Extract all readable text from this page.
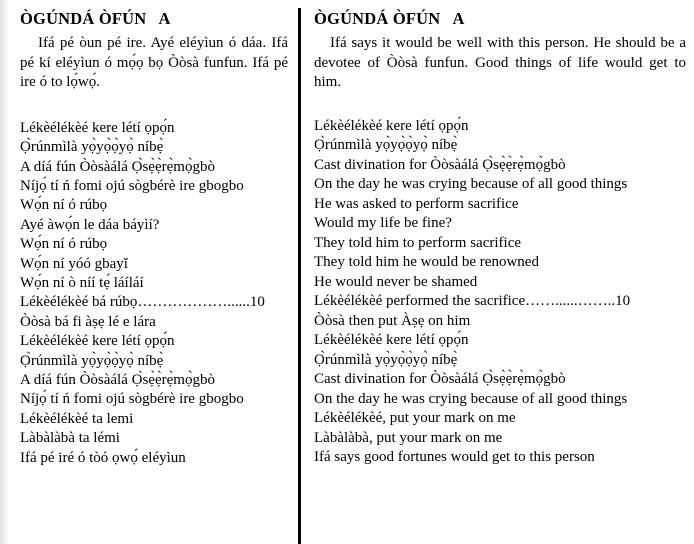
ÒGÚNDÁ ÒFÚN   A

Ifá pé òun pé ire. Ayé eléyìun ó dáa. Ifá pé kí eléyìun ó mọ́ọ bọ Òòsà funfun. Ifá pé ire ó to lọ́wọ́.

Lékèélékèé kere létí ọpọ́n
Ọ̀rúnmìlà yọ̀yọ̀ọ̀yọ̀ níbẹ̀
A díá fún Òòsàálá Ọ̀sẹ̀ẹ̀rẹ̀mọ̀gbò
Níjọ́ tí ń fomi ojú sògbérè ire gbogbo
Wọ́n ní ó rúbọ
Ayé àwọ́n le dáa báyìí?
Wọ́n ní ó rúbọ
Wọ́n ní yóó gbayǐ
Wọ́n ní ò níí tẹ́ láíláí
Lékèélékèé bá rúbọ………………......10
Òòsà bá fi àṣẹ lé e lára
Lékèélékèé kere létí ọpọ́n
Ọ̀rúnmìlà yọ̀yọ̀ọ̀yọ̀ níbẹ̀
A díá fún Òòsàálá Ọ̀sẹ̀ẹ̀rẹ̀mọ̀gbò
Níjọ́ tí ń fomi ojú sògbérè ire gbogbo
Lékèélékèé ta lemi
Làbàlàbà ta lémi
Ifá pé iré ó tòó ọwọ́ eléyìun
ÒGÚNDÁ ÒFÚN   A

Ifá says it would be well with this person. He should be a devotee of Òòsà funfun. Good things of life would get to him.

Lékèélékèé kere létí ọpọ́n
Ọ̀rúnmìlà yọ̀yọ̀ọ̀yọ̀ níbẹ̀
Cast divination for Òòsàálá Ọ̀sẹ̀ẹ̀rẹ̀mọ̀gbò
On the day he was crying because of all good things
He was asked to perform sacrifice
Would my life be fine?
They told him to perform sacrifice
They told him he would be renowned
He would never be shamed
Lékèélékèé performed the sacrifice……......……..10
Òòsà then put Àṣẹ on him
Lékèélékèé kere létí ọpọ́n
Ọ̀rúnmìlà yọ̀yọ̀ọ̀yọ̀ níbẹ̀
Cast divination for Òòsàálá Ọ̀sẹ̀ẹ̀rẹ̀mọ̀gbò
On the day he was crying because of all good things
Lékèélékèé, put your mark on me
Làbàlàbà, put your mark on me
Ifá says good fortunes would get to this person
